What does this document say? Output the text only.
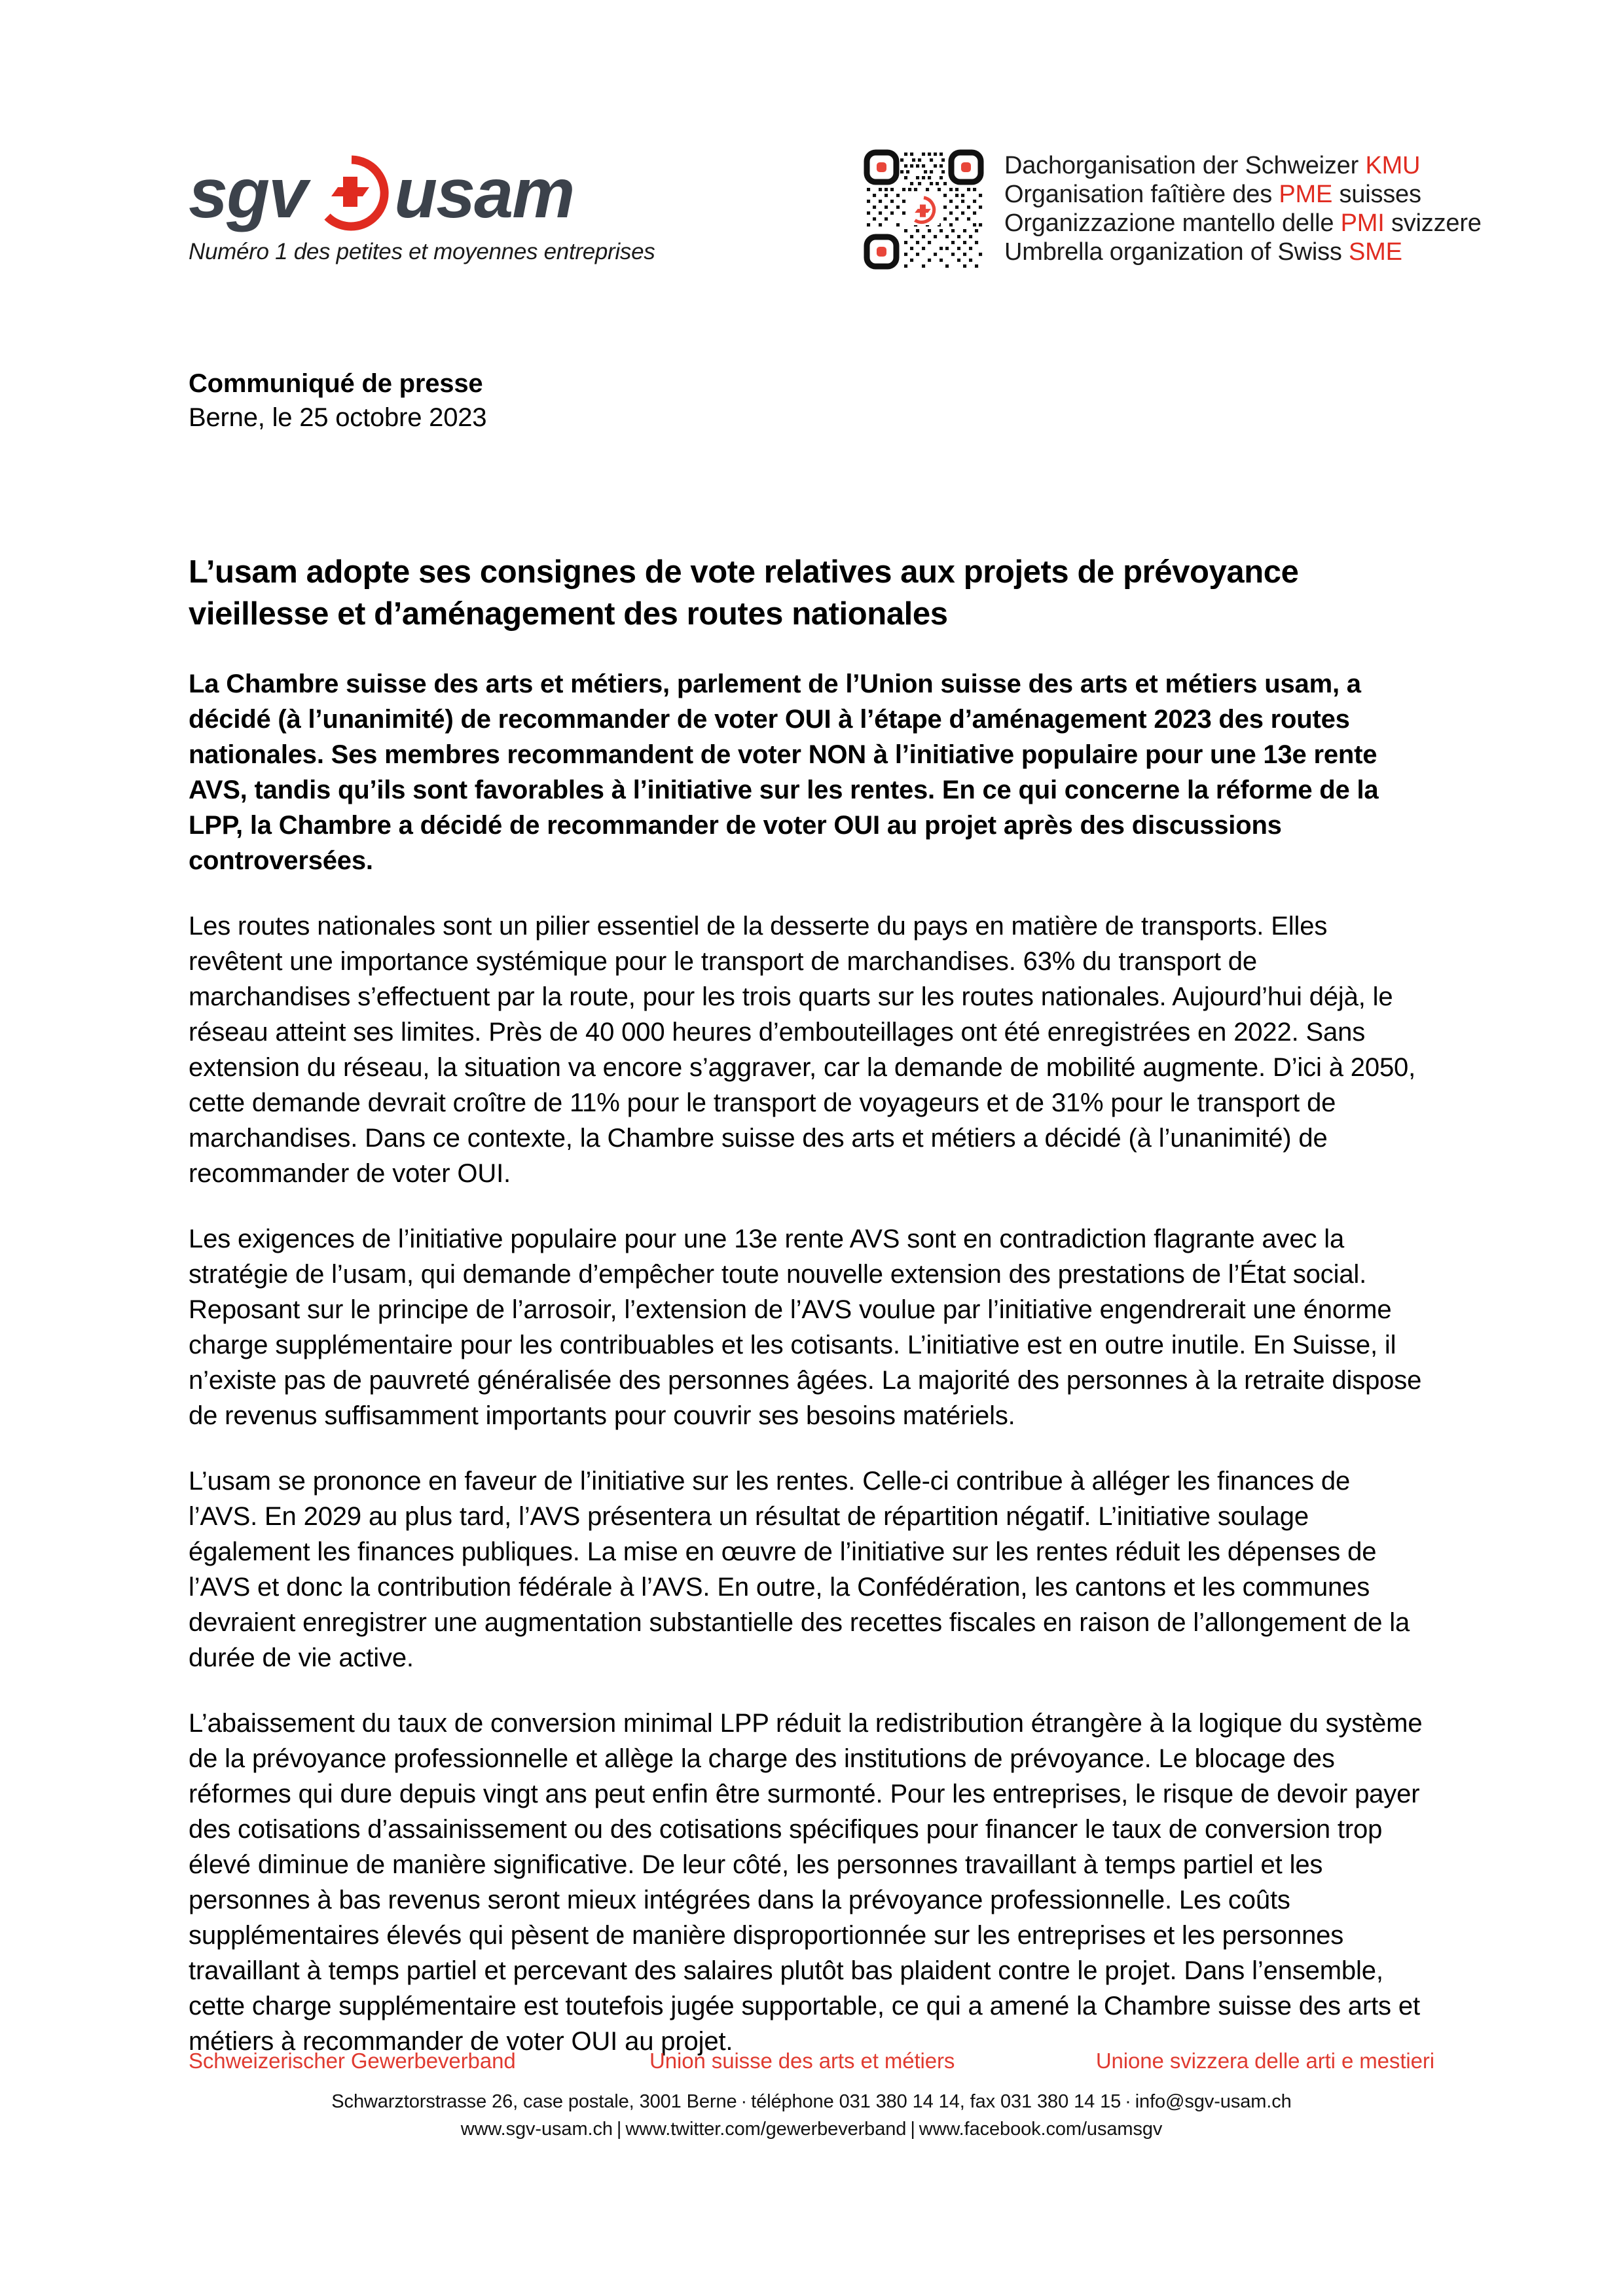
sgv usam
Numéro 1 des petites et moyennes entreprises
Dachorganisation der Schweizer KMU
Organisation faîtière des PME suisses
Organizzazione mantello delle PMI svizzere
Umbrella organization of Swiss SME
Communiqué de presse
Berne, le 25 octobre 2023
L’usam adopte ses consignes de vote relatives aux projets de prévoyance vieillesse et d’aménagement des routes nationales

La Chambre suisse des arts et métiers, parlement de l’Union suisse des arts et métiers usam, a décidé (à l’unanimité) de recommander de voter OUI à l’étape d’aménagement 2023 des routes nationales. Ses membres recommandent de voter NON à l’initiative populaire pour une 13e rente AVS, tandis qu’ils sont favorables à l’initiative sur les rentes. En ce qui concerne la réforme de la LPP, la Chambre a décidé de recommander de voter OUI au projet après des discussions controversées.

Les routes nationales sont un pilier essentiel de la desserte du pays en matière de transports. Elles revêtent une importance systémique pour le transport de marchandises. 63% du transport de marchandises s’effectuent par la route, pour les trois quarts sur les routes nationales. Aujourd’hui déjà, le réseau atteint ses limites. Près de 40 000 heures d’embouteillages ont été enregistrées en 2022. Sans extension du réseau, la situation va encore s’aggraver, car la demande de mobilité augmente. D’ici à 2050, cette demande devrait croître de 11% pour le transport de voyageurs et de 31% pour le transport de marchandises. Dans ce contexte, la Chambre suisse des arts et métiers a décidé (à l’unanimité) de recommander de voter OUI.

Les exigences de l’initiative populaire pour une 13e rente AVS sont en contradiction flagrante avec la stratégie de l’usam, qui demande d’empêcher toute nouvelle extension des prestations de l’État social. Reposant sur le principe de l’arrosoir, l’extension de l’AVS voulue par l’initiative engendrerait une énorme charge supplémentaire pour les contribuables et les cotisants. L’initiative est en outre inutile. En Suisse, il n’existe pas de pauvreté généralisée des personnes âgées. La majorité des personnes à la retraite dispose de revenus suffisamment importants pour couvrir ses besoins matériels.

L’usam se prononce en faveur de l’initiative sur les rentes. Celle-ci contribue à alléger les finances de l’AVS. En 2029 au plus tard, l’AVS présentera un résultat de répartition négatif. L’initiative soulage également les finances publiques. La mise en œuvre de l’initiative sur les rentes réduit les dépenses de l’AVS et donc la contribution fédérale à l’AVS. En outre, la Confédération, les cantons et les communes devraient enregistrer une augmentation substantielle des recettes fiscales en raison de l’allongement de la durée de vie active.

L’abaissement du taux de conversion minimal LPP réduit la redistribution étrangère à la logique du système de la prévoyance professionnelle et allège la charge des institutions de prévoyance. Le blocage des réformes qui dure depuis vingt ans peut enfin être surmonté. Pour les entreprises, le risque de devoir payer des cotisations d’assainissement ou des cotisations spécifiques pour financer le taux de conversion trop élevé diminue de manière significative. De leur côté, les personnes travaillant à temps partiel et les personnes à bas revenus seront mieux intégrées dans la prévoyance professionnelle. Les coûts supplémentaires élevés qui pèsent de manière disproportionnée sur les entreprises et les personnes travaillant à temps partiel et percevant des salaires plutôt bas plaident contre le projet. Dans l’ensemble, cette charge supplémentaire est toutefois jugée supportable, ce qui a amené la Chambre suisse des arts et métiers à recommander de voter OUI au projet.

Schweizerischer Gewerbeverband	Union suisse des arts et métiers	Unione svizzera delle arti e mestieri
Schwarztorstrasse 26, case postale, 3001 Berne · téléphone 031 380 14 14, fax 031 380 14 15 · info@sgv-usam.ch
www.sgv-usam.ch | www.twitter.com/gewerbeverband | www.facebook.com/usamsgv
